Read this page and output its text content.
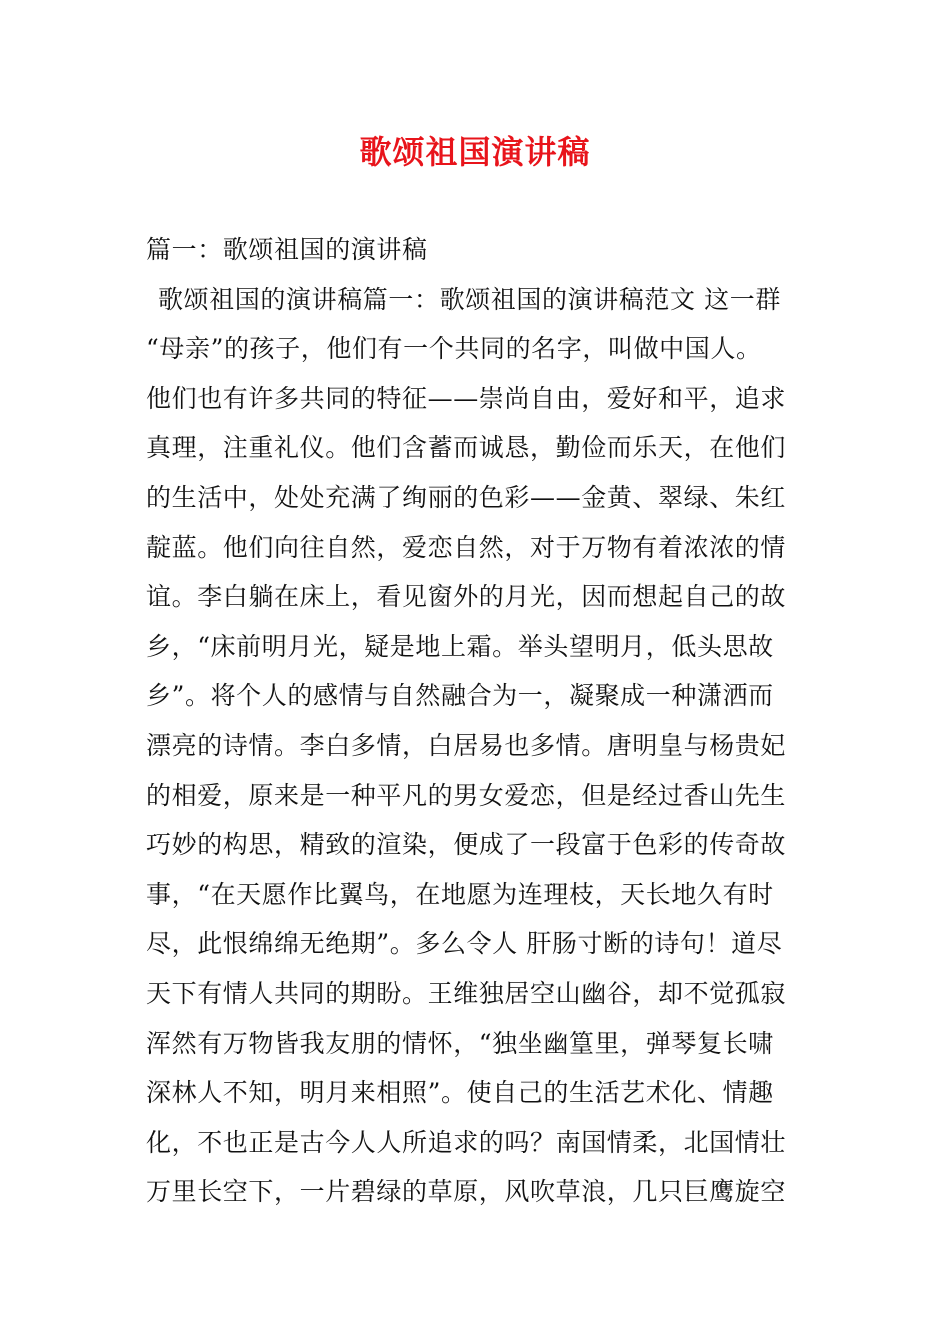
歌颂祖国演讲稿
篇一：歌颂祖国的演讲稿
歌颂祖国的演讲稿篇一：歌颂祖国的演讲稿范文 这一群
“母亲”的孩子，他们有一个共同的名字，叫做中国人。
他们也有许多共同的特征——崇尚自由，爱好和平，追求
真理，注重礼仪。他们含蓄而诚恳，勤俭而乐天，在他们
的生活中，处处充满了绚丽的色彩——金黄、翠绿、朱红
靛蓝。他们向往自然，爱恋自然，对于万物有着浓浓的情
谊。李白躺在床上，看见窗外的月光，因而想起自己的故
乡，“床前明月光，疑是地上霜。举头望明月，低头思故
乡”。将个人的感情与自然融合为一，凝聚成一种潇洒而
漂亮的诗情。李白多情，白居易也多情。唐明皇与杨贵妃
的相爱，原来是一种平凡的男女爱恋，但是经过香山先生
巧妙的构思，精致的渲染，便成了一段富于色彩的传奇故
事，“在天愿作比翼鸟，在地愿为连理枝，天长地久有时
尽，此恨绵绵无绝期”。多么令人 肝肠寸断的诗句！道尽
天下有情人共同的期盼。王维独居空山幽谷，却不觉孤寂
浑然有万物皆我友朋的情怀，“独坐幽篁里，弹琴复长啸
深林人不知，明月来相照”。使自己的生活艺术化、情趣
化，不也正是古今人人所追求的吗？南国情柔，北国情壮
万里长空下，一片碧绿的草原，风吹草浪，几只巨鹰旋空
